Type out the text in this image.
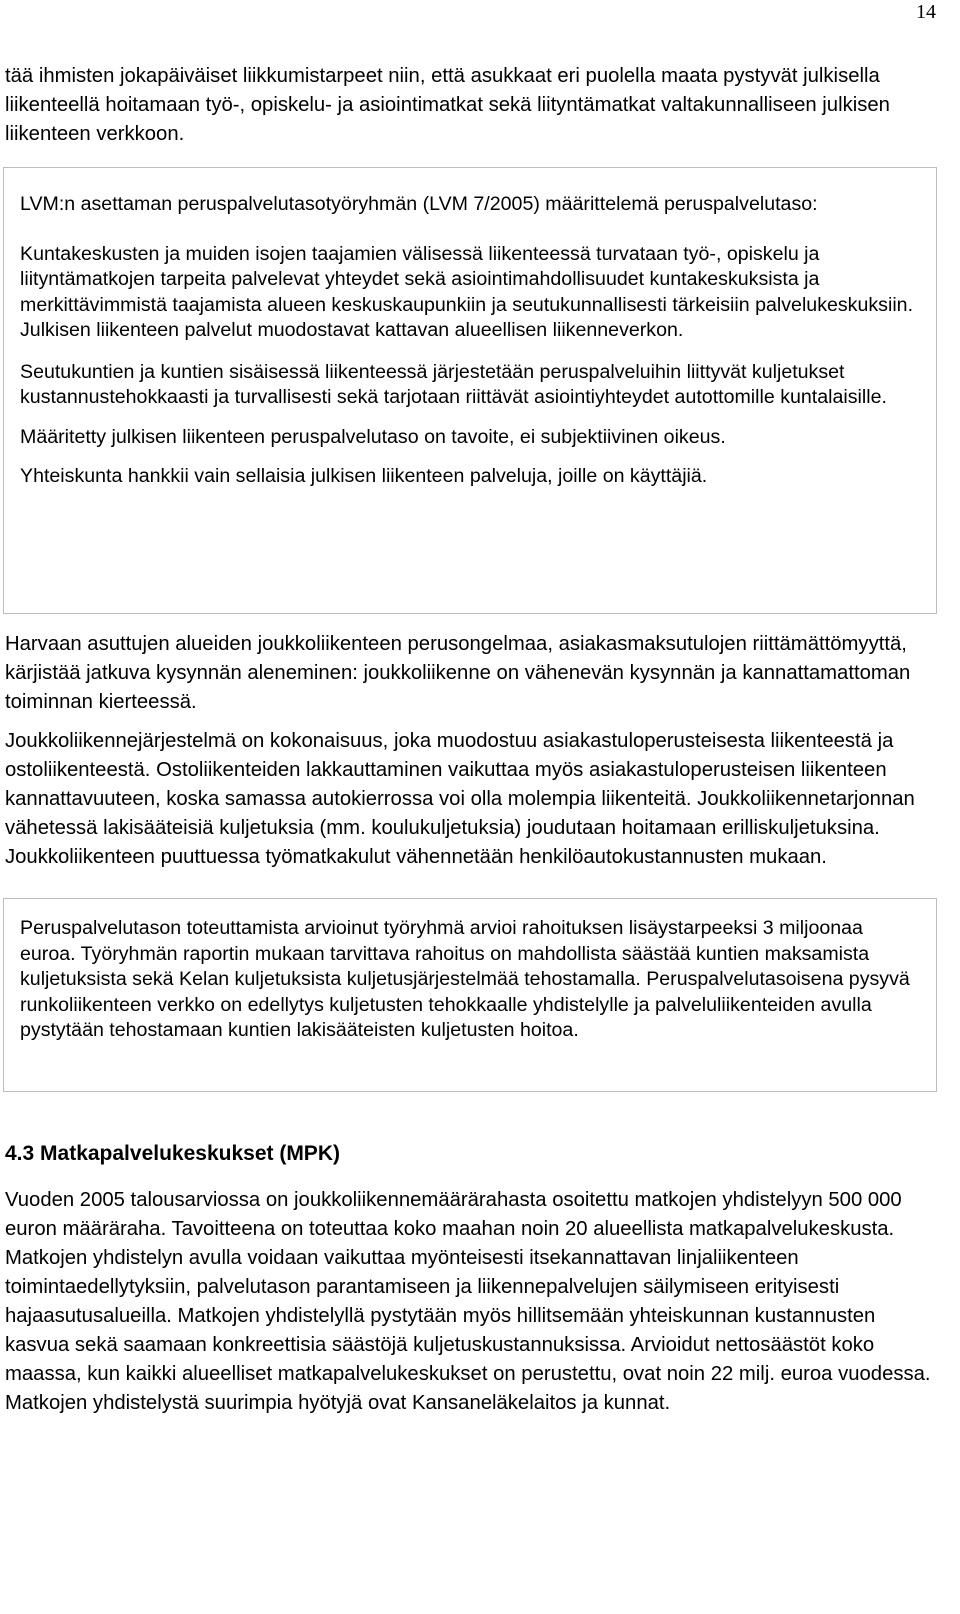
14

tää ihmisten jokapäiväiset liikkumistarpeet niin, että asukkaat eri puolella maata pystyvät julkisella liikenteellä hoitamaan työ-, opiskelu- ja asiointimatkat sekä liityntämatkat valtakunnalliseen julkisen liikenteen verkkoon.

LVM:n asettaman peruspalvelutasotyöryhmän (LVM 7/2005) määrittelemä peruspalvelutaso:

Kuntakeskusten ja muiden isojen taajamien välisessä liikenteessä turvataan työ-, opiskelu ja liityntämatkojen tarpeita palvelevat yhteydet sekä asiointimahdollisuudet kuntakeskuksista ja merkittävimmistä taajamista alueen keskuskaupunkiin ja seutukunnallisesti tärkeisiin palvelukeskuksiin. Julkisen liikenteen palvelut muodostavat kattavan alueellisen liikenneverkon.

Seutukuntien ja kuntien sisäisessä liikenteessä järjestetään peruspalveluihin liittyvät kuljetukset kustannustehokkaasti ja turvallisesti sekä tarjotaan riittävät asiointiyhteydet autottomille kuntalaisille.

Määritetty julkisen liikenteen peruspalvelutaso on tavoite, ei subjektiivinen oikeus.

Yhteiskunta hankkii vain sellaisia julkisen liikenteen palveluja, joille on käyttäjiä.

Harvaan asuttujen alueiden joukkoliikenteen perusongelmaa, asiakasmaksutulojen riittämättömyyttä, kärjistää jatkuva kysynnän aleneminen: joukkoliikenne on vähenevän kysynnän ja kannattamattoman toiminnan kierteessä.

Joukkoliikennejärjestelmä on kokonaisuus, joka muodostuu asiakastuloperusteisesta liikenteestä ja ostoliikenteestä. Ostoliikenteiden lakkauttaminen vaikuttaa myös asiakastuloperusteisen liikenteen kannattavuuteen, koska samassa autokierrossa voi olla molempia liikenteitä. Joukkoliikennetarjonnan vähetessä lakisääteisiä kuljetuksia (mm. koulukuljetuksia) joudutaan hoitamaan erilliskuljetuksina. Joukkoliikenteen puuttuessa työmatkakulut vähennetään henkilöautokustannusten mukaan.

Peruspalvelutason toteuttamista arvioinut työryhmä arvioi rahoituksen lisäystarpeeksi 3 miljoonaa euroa. Työryhmän raportin mukaan tarvittava rahoitus on mahdollista säästää kuntien maksamista kuljetuksista sekä Kelan kuljetuksista kuljetusjärjestelmää tehostamalla. Peruspalvelutasoisena pysyvä runkoliikenteen verkko on edellytys kuljetusten tehokkaalle yhdistelylle ja palveluliikenteiden avulla pystytään tehostamaan kuntien lakisääteisten kuljetusten hoitoa.

4.3 Matkapalvelukeskukset (MPK)

Vuoden 2005 talousarviossa on joukkoliikennemäärärahasta osoitettu matkojen yhdistelyyn 500 000 euron määräraha. Tavoitteena on toteuttaa koko maahan noin 20 alueellista matkapalvelukeskusta. Matkojen yhdistelyn avulla voidaan vaikuttaa myönteisesti itsekannattavan linjaliikenteen toimintaedellytyksiin, palvelutason parantamiseen ja liikennepalvelujen säilymiseen erityisesti hajaasutusalueilla. Matkojen yhdistelyllä pystytään myös hillitsemään yhteiskunnan kustannusten kasvua sekä saamaan konkreettisia säästöjä kuljetuskustannuksissa. Arvioidut nettosäästöt koko maassa, kun kaikki alueelliset matkapalvelukeskukset on perustettu, ovat noin 22 milj. euroa vuodessa. Matkojen yhdistelystä suurimpia hyötyjä ovat Kansaneläkelaitos ja kunnat.
